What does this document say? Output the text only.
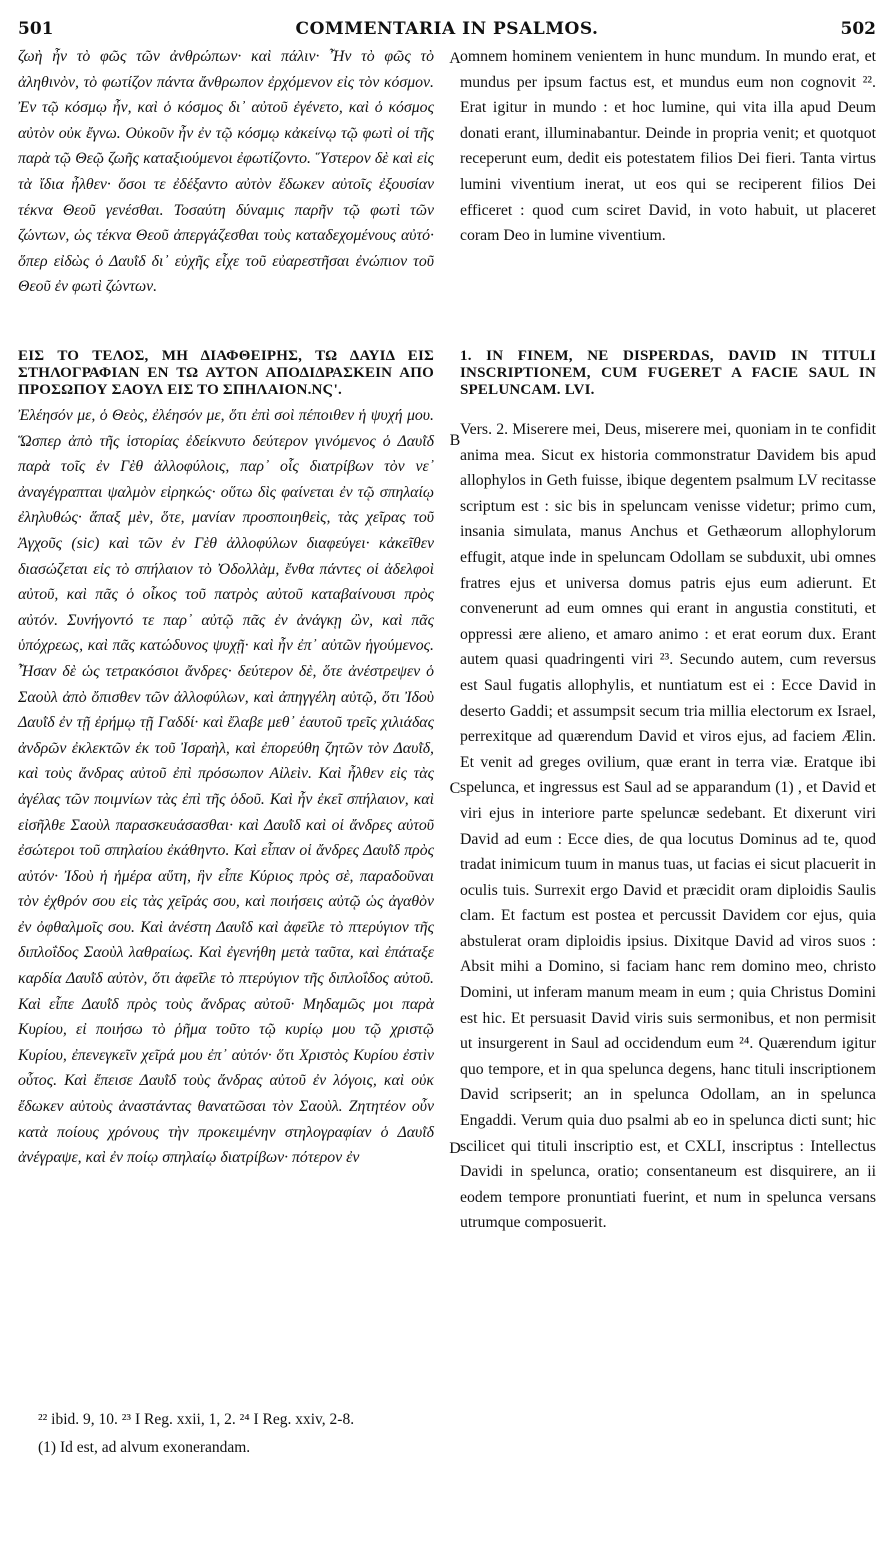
501	COMMENTARIA IN PSALMOS.	502

ζωὴ ἦν τὸ φῶς τῶν ἀνθρώπων· καὶ πάλιν· Ἦν τὸ φῶς τὸ ἀληθινὸν, τὸ φωτίζον πάντα ἄνθρωπον ἐρχόμενον εἰς τὸν κόσμον. Ἐν τῷ κόσμῳ ἦν, καὶ ὁ κόσμος δι᾽ αὐτοῦ ἐγένετο, καὶ ὁ κόσμος αὐτὸν οὐκ ἔγνω. Οὐκοῦν ἦν ἐν τῷ κόσμῳ κἀκείνῳ τῷ φωτὶ οἱ τῆς παρὰ τῷ Θεῷ ζωῆς καταξιούμενοι ἐφωτίζοντο. Ὕστερον δὲ καὶ εἰς τὰ ἴδια ἦλθεν· ὅσοι τε ἐδέξαντο αὐτὸν ἔδωκεν αὐτοῖς ἐξουσίαν τέκνα Θεοῦ γενέσθαι. Τοσαύτη δύναμις παρῆν τῷ φωτὶ τῶν ζώντων, ὡς τέκνα Θεοῦ ἀπεργάζεσθαι τοὺς καταδεχομένους αὐτό· ὅπερ εἰδὼς ὁ Δαυῒδ δι᾽ εὐχῆς εἶχε τοῦ εὐαρεστῆσαι ἐνώπιον τοῦ Θεοῦ ἐν φωτὶ ζώντων.

A omnem hominem venientem in hunc mundum. In mundo erat, et mundus per ipsum factus est, et mundus eum non cognovit ²². Erat igitur in mundo : et hoc lumine, qui vita illa apud Deum donati erant, illuminabantur. Deinde in propria venit; et quotquot receperunt eum, dedit eis potestatem filios Dei fieri. Tanta virtus lumini viventium inerat, ut eos qui se reciperent filios Dei efficeret : quod cum sciret David, in voto habuit, ut placeret coram Deo in lumine viventium.

ΕΙΣ ΤΟ ΤΕΛΟΣ, ΜΗ ΔΙΑΦΘΕΙΡΗΣ, ΤΩ ΔΑΥΙΔ ΕΙΣ ΣΤΗΛΟΓΡΑΦΙΑΝ ΕΝ ΤΩ ΑΥΤΟΝ ΑΠΟΔΙΔΡΑΣΚΕΙΝ ΑΠΟ ΠΡΟΣΩΠΟΥ ΣΑΟΥΛ ΕΙΣ ΤΟ ΣΠΗΛΑΙΟΝ.ΝϚ'.

Ἐλέησόν με, ὁ Θεὸς, ἐλέησόν με, ὅτι ἐπὶ σοὶ πέποιθεν ἡ ψυχή μου. Ὥσπερ ἀπὸ τῆς ἱστορίας ἐδείκνυτο δεύτερον γινόμενος ὁ Δαυῒδ παρὰ τοῖς ἐν Γὲθ ἀλλοφύλοις, παρ᾽ οἷς διατρίβων τὸν νε᾽ ἀναγέγραπται ψαλμὸν εἰρηκώς· οὕτω δὶς φαίνεται ἐν τῷ σπηλαίῳ ἐληλυθώς· ἅπαξ μὲν, ὅτε, μανίαν προσποιηθεὶς, τὰς χεῖρας τοῦ Ἀγχοῦς (sic) καὶ τῶν ἐν Γὲθ ἀλλοφύλων διαφεύγει· κἀκεῖθεν διασώζεται εἰς τὸ σπήλαιον τὸ Ὀδολλὰμ, ἔνθα πάντες οἱ ἀδελφοὶ αὐτοῦ, καὶ πᾶς ὁ οἶκος τοῦ πατρὸς αὐτοῦ καταβαίνουσι πρὸς αὐτόν. Συνήγοντό τε παρ᾽ αὐτῷ πᾶς ἐν ἀνάγκῃ ὢν, καὶ πᾶς ὑπόχρεως, καὶ πᾶς κατώδυνος ψυχῇ· καὶ ἦν ἐπ᾽ αὐτῶν ἡγούμενος. Ἦσαν δὲ ὡς τετρακόσιοι ἄνδρες· δεύτερον δὲ, ὅτε ἀνέστρεψεν ὁ Σαοὺλ ἀπὸ ὄπισθεν τῶν ἀλλοφύλων, καὶ ἀπηγγέλη αὐτῷ, ὅτι Ἰδοὺ Δαυῒδ ἐν τῇ ἐρήμῳ τῇ Γαδδί· καὶ ἔλαβε μεθ᾽ ἑαυτοῦ τρεῖς χιλιάδας ἀνδρῶν ἐκλεκτῶν ἐκ τοῦ Ἰσραὴλ, καὶ ἐπορεύθη ζητῶν τὸν Δαυῒδ, καὶ τοὺς ἄνδρας αὐτοῦ ἐπὶ πρόσωπον Αἰλεὶν. Καὶ ἦλθεν εἰς τὰς ἀγέλας τῶν ποιμνίων τὰς ἐπὶ τῆς ὁδοῦ. Καὶ ἦν ἐκεῖ σπήλαιον, καὶ εἰσῆλθε Σαοὺλ παρασκευάσασθαι· καὶ Δαυῒδ καὶ οἱ ἄνδρες αὐτοῦ ἐσώτεροι τοῦ σπηλαίου ἐκάθηντο. Καὶ εἶπαν οἱ ἄνδρες Δαυῒδ πρὸς αὐτόν· Ἰδοὺ ἡ ἡμέρα αὕτη, ἣν εἶπε Κύριος πρὸς σὲ, παραδοῦναι τὸν ἐχθρόν σου εἰς τὰς χεῖράς σου, καὶ ποιήσεις αὐτῷ ὡς ἀγαθὸν ἐν ὀφθαλμοῖς σου. Καὶ ἀνέστη Δαυῒδ καὶ ἀφεῖλε τὸ πτερύγιον τῆς διπλοΐδος Σαοὺλ λαθραίως. Καὶ ἐγενήθη μετὰ ταῦτα, καὶ ἐπάταξε καρδία Δαυῒδ αὐτὸν, ὅτι ἀφεῖλε τὸ πτερύγιον τῆς διπλοΐδος αὐτοῦ. Καὶ εἶπε Δαυῒδ πρὸς τοὺς ἄνδρας αὐτοῦ· Μηδαμῶς μοι παρὰ Κυρίου, εἰ ποιήσω τὸ ῥῆμα τοῦτο τῷ κυρίῳ μου τῷ χριστῷ Κυρίου, ἐπενεγκεῖν χεῖρά μου ἐπ᾽ αὐτόν· ὅτι Χριστὸς Κυρίου ἐστὶν οὗτος. Καὶ ἔπεισε Δαυῒδ τοὺς ἄνδρας αὐτοῦ ἐν λόγοις, καὶ οὐκ ἔδωκεν αὐτοὺς ἀναστάντας θανατῶσαι τὸν Σαοὺλ. Ζητητέον οὖν κατὰ ποίους χρόνους τὴν προκειμένην στηλογραφίαν ὁ Δαυῒδ ἀνέγραψε, καὶ ἐν ποίῳ σπηλαίῳ διατρίβων· πότερον ἐν

B
C
D

1. IN FINEM, NE DISPERDAS, DAVID IN TITULI INSCRIPTIONEM, CUM FUGERET A FACIE SAUL IN SPELUNCAM. LVI.

Vers. 2. Miserere mei, Deus, miserere mei, quoniam in te confidit anima mea. Sicut ex historia commonstratur Davidem bis apud allophylos in Geth fuisse, ibique degentem psalmum LV recitasse scriptum est : sic bis in speluncam venisse videtur; primo cum, insania simulata, manus Anchus et Gethæorum allophylorum effugit, atque inde in speluncam Odollam se subduxit, ubi omnes fratres ejus et universa domus patris ejus eum adierunt. Et convenerunt ad eum omnes qui erant in angustia constituti, et oppressi ære alieno, et amaro animo : et erat eorum dux. Erant autem quasi quadringenti viri ²³. Secundo autem, cum reversus est Saul fugatis allophylis, et nuntiatum est ei : Ecce David in deserto Gaddi; et assumpsit secum tria millia electorum ex Israel, perrexitque ad quærendum David et viros ejus, ad faciem Ælin. Et venit ad greges ovilium, quæ erant in terra viæ. Eratque ibi spelunca, et ingressus est Saul ad se apparandum (1) , et David et viri ejus in interiore parte speluncæ sedebant. Et dixerunt viri David ad eum : Ecce dies, de qua locutus Dominus ad te, quod tradat inimicum tuum in manus tuas, ut facias ei sicut placuerit in oculis tuis. Surrexit ergo David et præcidit oram diploidis Saulis clam. Et factum est postea et percussit Davidem cor ejus, quia abstulerat oram diploidis ipsius. Dixitque David ad viros suos : Absit mihi a Domino, si faciam hanc rem domino meo, christo Domini, ut inferam manum meam in eum ; quia Christus Domini est hic. Et persuasit David viris suis sermonibus, et non permisit ut insurgerent in Saul ad occidendum eum ²⁴. Quærendum igitur quo tempore, et in qua spelunca degens, hanc tituli inscriptionem David scripserit; an in spelunca Odollam, an in spelunca Engaddi. Verum quia duo psalmi ab eo in spelunca dicti sunt; hic scilicet qui tituli inscriptio est, et CXLI, inscriptus : Intellectus Davidi in spelunca, oratio; consentaneum est disquirere, an ii eodem tempore pronuntiati fuerint, et num in spelunca versans utrumque composuerit.

²² ibid. 9, 10. ²³ I Reg. xxii, 1, 2. ²⁴ I Reg. xxiv, 2-8.
(1) Id est, ad alvum exonerandam.
